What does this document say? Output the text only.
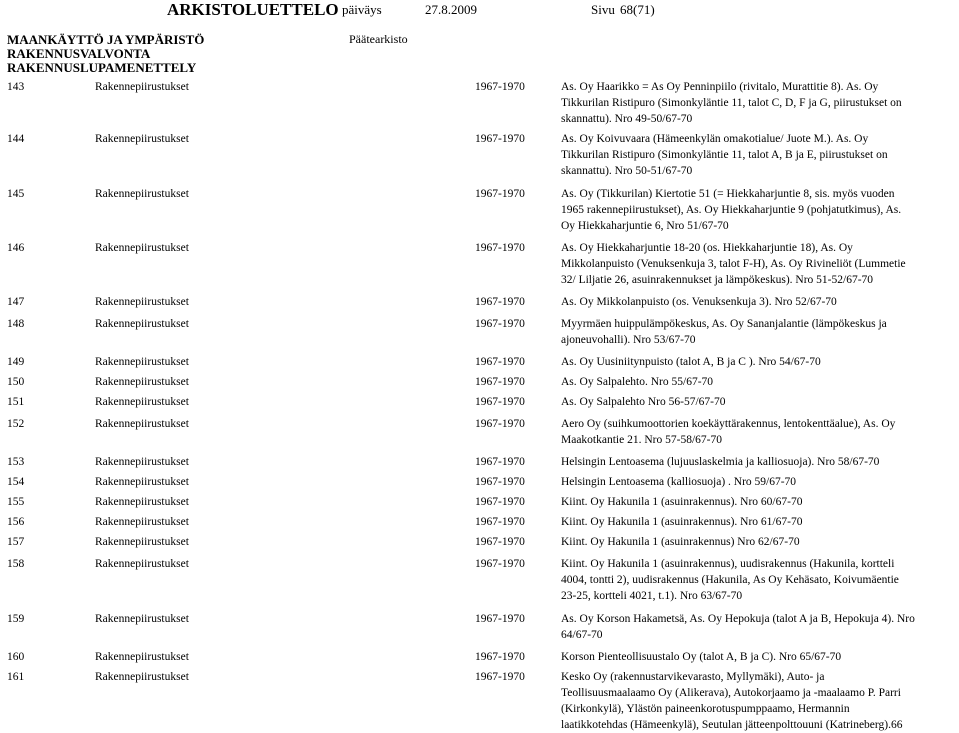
ARKISTOLUETTELO päiväys	27.8.2009	Sivu 68(71)
MAANKÄYTTÖ JA YMPÄRISTÖ
RAKENNUSVALVONTA
RAKENNUSLUPAMENETTELY
Päätearkisto
143	Rakennepiirustukset	1967-1970	As. Oy Haarikko = As Oy Penninpiilo (rivitalo, Murattitie 8). As. Oy Tikkurilan Ristipuro (Simonkyläntie 11, talot C, D, F ja G, piirustukset on skannattu). Nro 49-50/67-70
144	Rakennepiirustukset	1967-1970	As. Oy Koivuvaara (Hämeenkylän omakotialue/ Juote M.). As. Oy Tikkurilan Ristipuro (Simonkyläntie 11, talot A, B ja E, piirustukset on skannattu). Nro 50-51/67-70
145	Rakennepiirustukset	1967-1970	As. Oy (Tikkurilan) Kiertotie 51 (= Hiekkaharjuntie 8, sis. myös vuoden 1965 rakennepiirustukset), As. Oy Hiekkaharjuntie 9 (pohjatutkimus), As. Oy Hiekkaharjuntie 6, Nro 51/67-70
146	Rakennepiirustukset	1967-1970	As. Oy Hiekkaharjuntie 18-20 (os. Hiekkaharjuntie 18), As. Oy Mikkolanpuisto (Venuksenkuja 3, talot F-H), As. Oy Rivineliöt (Lummetie 32/ Liljatie 26, asuinrakennukset ja lämpökeskus). Nro 51-52/67-70
147	Rakennepiirustukset	1967-1970	As. Oy Mikkolanpuisto (os. Venuksenkuja 3). Nro 52/67-70
148	Rakennepiirustukset	1967-1970	Myyrmäen huippulämpökeskus, As. Oy Sananjalantie (lämpökeskus ja ajoneuvohalli). Nro 53/67-70
149	Rakennepiirustukset	1967-1970	As. Oy Uusiniitynpuisto (talot A, B ja C ). Nro 54/67-70
150	Rakennepiirustukset	1967-1970	As. Oy Salpalehto. Nro 55/67-70
151	Rakennepiirustukset	1967-1970	As. Oy Salpalehto Nro 56-57/67-70
152	Rakennepiirustukset	1967-1970	Aero Oy (suihkumoottorien koekäyttärakennus, lentokenttäalue), As. Oy Maakotkantie 21. Nro 57-58/67-70
153	Rakennepiirustukset	1967-1970	Helsingin Lentoasema (lujuuslaskelmia ja kalliosuoja). Nro 58/67-70
154	Rakennepiirustukset	1967-1970	Helsingin Lentoasema (kalliosuoja) . Nro 59/67-70
155	Rakennepiirustukset	1967-1970	Kiint. Oy Hakunila 1 (asuinrakennus). Nro 60/67-70
156	Rakennepiirustukset	1967-1970	Kiint. Oy Hakunila 1 (asuinrakennus). Nro 61/67-70
157	Rakennepiirustukset	1967-1970	Kiint. Oy Hakunila 1 (asuinrakennus) Nro 62/67-70
158	Rakennepiirustukset	1967-1970	Kiint. Oy Hakunila 1 (asuinrakennus), uudisrakennus (Hakunila, kortteli 4004, tontti 2), uudisrakennus (Hakunila, As Oy Kehäsato, Koivumäentie 23-25, kortteli 4021, t.1). Nro 63/67-70
159	Rakennepiirustukset	1967-1970	As. Oy Korson Hakametsä, As. Oy Hepokuja (talot A ja B, Hepokuja 4). Nro 64/67-70
160	Rakennepiirustukset	1967-1970	Korson Pienteollisuustalo Oy (talot A, B ja C). Nro 65/67-70
161	Rakennepiirustukset	1967-1970	Kesko Oy (rakennustarvikevarasto, Myllymäki), Auto- ja Teollisuusmaalaamo Oy (Alikerava), Autokorjaamo ja -maalaamo P. Parri (Kirkonkylä), Ylästön paineenkorotuspumppaamo, Hermannin laatikkotehdas (Hämeenkylä), Seutulan jätteenpolttouuni (Katrineberg).66
